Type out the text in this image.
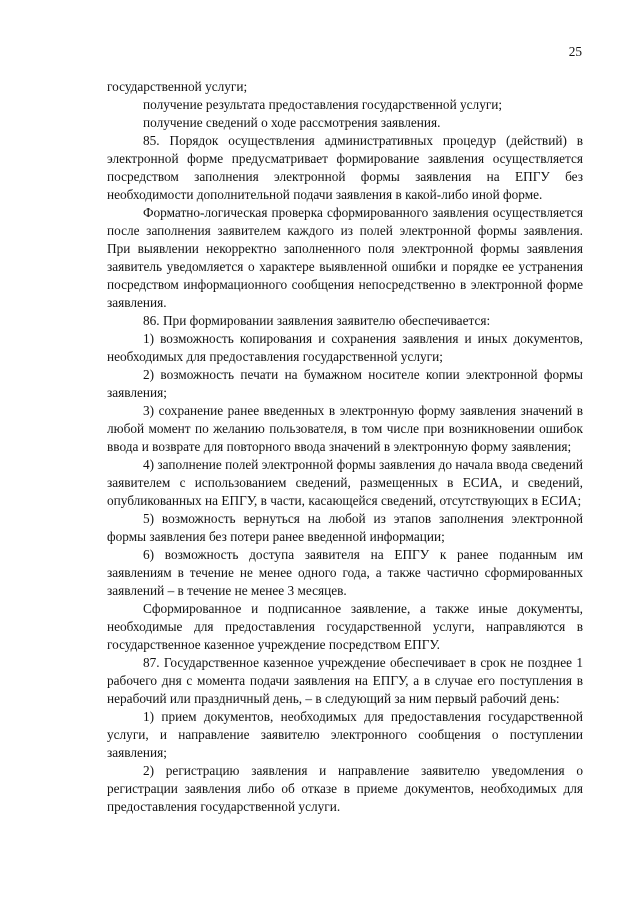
25

государственной услуги;

получение результата предоставления государственной услуги;

получение сведений о ходе рассмотрения заявления.

85. Порядок осуществления административных процедур (действий) в электронной форме предусматривает формирование заявления осуществляется посредством заполнения электронной формы заявления на ЕПГУ без необходимости дополнительной подачи заявления в какой-либо иной форме.

Форматно-логическая проверка сформированного заявления осуществляется после заполнения заявителем каждого из полей электронной формы заявления. При выявлении некорректно заполненного поля электронной формы заявления заявитель уведомляется о характере выявленной ошибки и порядке ее устранения посредством информационного сообщения непосредственно в электронной форме заявления.

86. При формировании заявления заявителю обеспечивается:

1) возможность копирования и сохранения заявления и иных документов, необходимых для предоставления государственной услуги;

2) возможность печати на бумажном носителе копии электронной формы заявления;

3) сохранение ранее введенных в электронную форму заявления значений в любой момент по желанию пользователя, в том числе при возникновении ошибок ввода и возврате для повторного ввода значений в электронную форму заявления;

4) заполнение полей электронной формы заявления до начала ввода сведений заявителем с использованием сведений, размещенных в ЕСИА, и сведений, опубликованных на ЕПГУ, в части, касающейся сведений, отсутствующих в ЕСИА;

5) возможность вернуться на любой из этапов заполнения электронной формы заявления без потери ранее введенной информации;

6) возможность доступа заявителя на ЕПГУ к ранее поданным им заявлениям в течение не менее одного года, а также частично сформированных заявлений – в течение не менее 3 месяцев.

Сформированное и подписанное заявление, а также иные документы, необходимые для предоставления государственной услуги, направляются в государственное казенное учреждение посредством ЕПГУ.

87. Государственное казенное учреждение обеспечивает в срок не позднее 1 рабочего дня с момента подачи заявления на ЕПГУ, а в случае его поступления в нерабочий или праздничный день, – в следующий за ним первый рабочий день:

1) прием документов, необходимых для предоставления государственной услуги, и направление заявителю электронного сообщения о поступлении заявления;

2) регистрацию заявления и направление заявителю уведомления о регистрации заявления либо об отказе в приеме документов, необходимых для предоставления государственной услуги.
